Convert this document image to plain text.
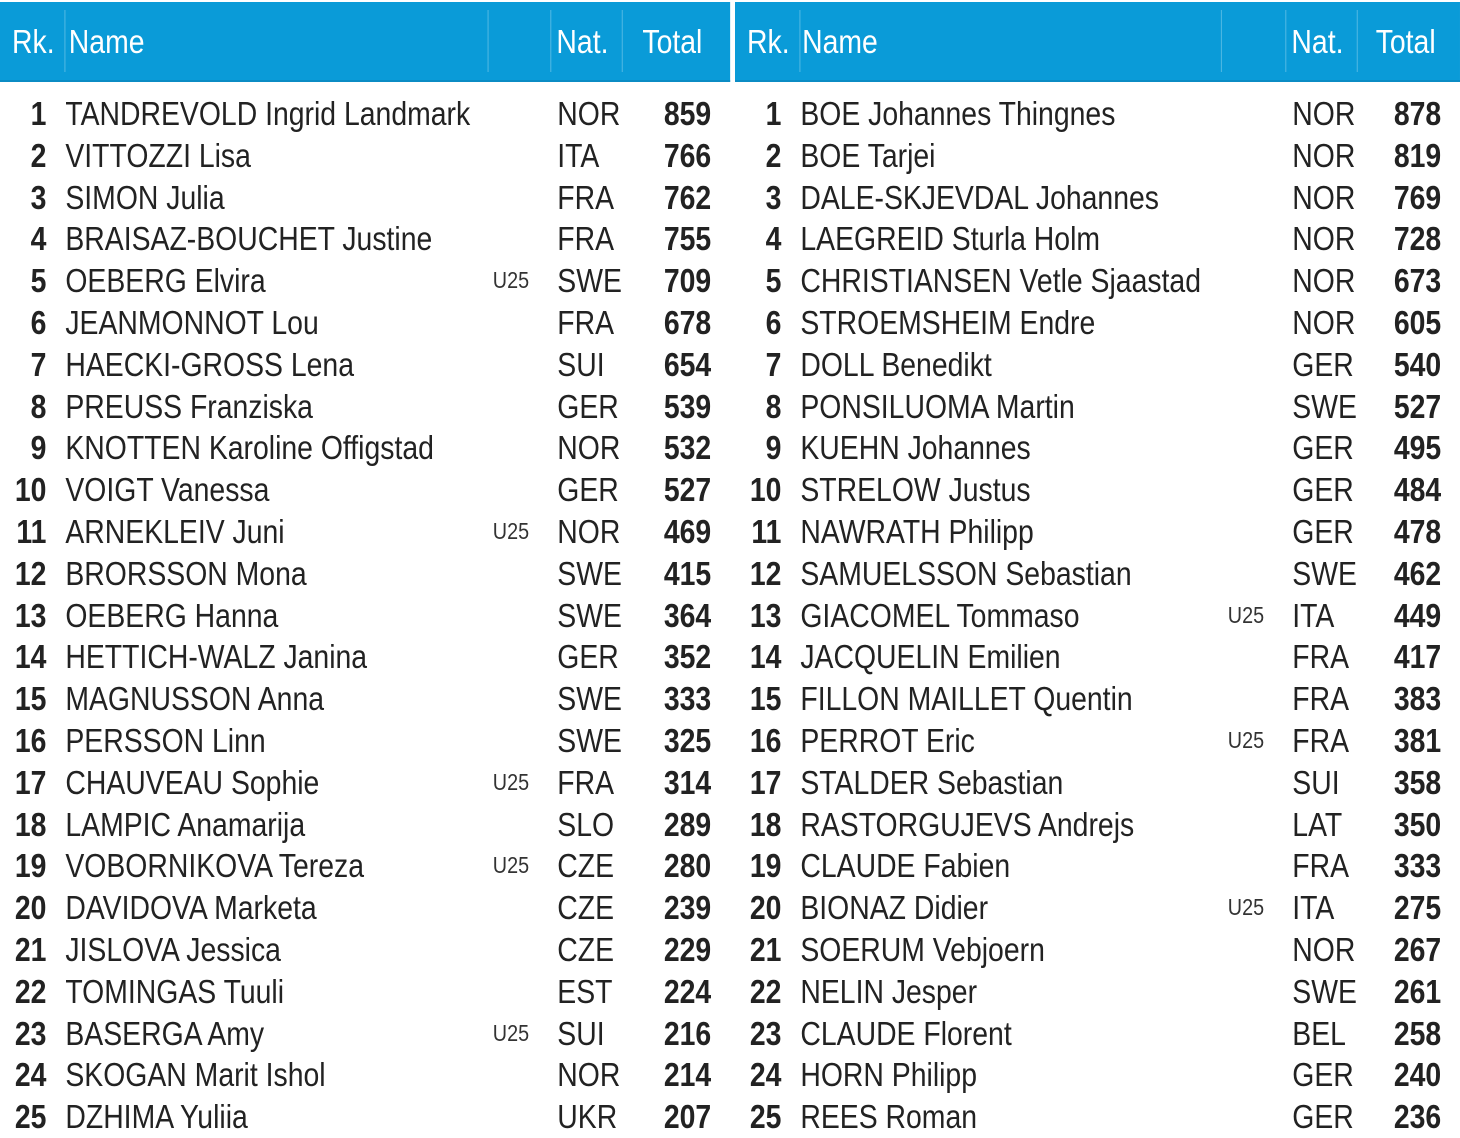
Rk. Name	Nat. Total
1 TANDREVOLD Ingrid Landmark	NOR 859
2 VITTOZZI Lisa	ITA 766
3 SIMON Julia	FRA 762
4 BRAISAZ-BOUCHET Justine	FRA 755
5 OEBERG Elvira	U25 SWE 709
6 JEANMONNOT Lou	FRA 678
7 HAECKI-GROSS Lena	SUI 654
8 PREUSS Franziska	GER 539
9 KNOTTEN Karoline Offigstad	NOR 532
10 VOIGT Vanessa	GER 527
11 ARNEKLEIV Juni	U25 NOR 469
12 BRORSSON Mona	SWE 415
13 OEBERG Hanna	SWE 364
14 HETTICH-WALZ Janina	GER 352
15 MAGNUSSON Anna	SWE 333
16 PERSSON Linn	SWE 325
17 CHAUVEAU Sophie	U25 FRA 314
18 LAMPIC Anamarija	SLO 289
19 VOBORNIKOVA Tereza	U25 CZE 280
20 DAVIDOVA Marketa	CZE 239
21 JISLOVA Jessica	CZE 229
22 TOMINGAS Tuuli	EST 224
23 BASERGA Amy	U25 SUI 216
24 SKOGAN Marit Ishol	NOR 214
25 DZHIMA Yuliia	UKR 207
Rk. Name	Nat. Total
1 BOE Johannes Thingnes	NOR 878
2 BOE Tarjei	NOR 819
3 DALE-SKJEVDAL Johannes	NOR 769
4 LAEGREID Sturla Holm	NOR 728
5 CHRISTIANSEN Vetle Sjaastad	NOR 673
6 STROEMSHEIM Endre	NOR 605
7 DOLL Benedikt	GER 540
8 PONSILUOMA Martin	SWE 527
9 KUEHN Johannes	GER 495
10 STRELOW Justus	GER 484
11 NAWRATH Philipp	GER 478
12 SAMUELSSON Sebastian	SWE 462
13 GIACOMEL Tommaso	U25 ITA 449
14 JACQUELIN Emilien	FRA 417
15 FILLON MAILLET Quentin	FRA 383
16 PERROT Eric	U25 FRA 381
17 STALDER Sebastian	SUI 358
18 RASTORGUJEVS Andrejs	LAT 350
19 CLAUDE Fabien	FRA 333
20 BIONAZ Didier	U25 ITA 275
21 SOERUM Vebjoern	NOR 267
22 NELIN Jesper	SWE 261
23 CLAUDE Florent	BEL 258
24 HORN Philipp	GER 240
25 REES Roman	GER 236
